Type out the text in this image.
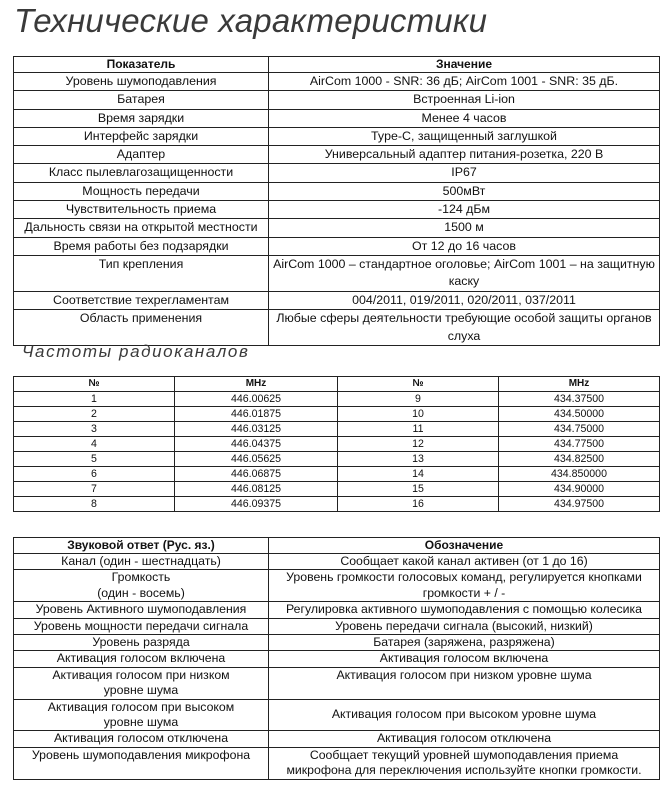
Технические характеристики
Показатель	Значение
Уровень шумоподавления	AirCom 1000 - SNR: 36 дБ; AirCom 1001 - SNR: 35 дБ.
Батарея	Встроенная Li-ion
Время зарядки	Менее 4 часов
Интерфейс зарядки	Type-C, защищенный заглушкой
Адаптер	Универсальный адаптер питания-розетка, 220 В
Класс пылевлагозащищенности	IP67
Мощность передачи	500мВт
Чувствительность приема	-124 дБм
Дальность связи на открытой местности	1500 м
Время работы без подзарядки	От 12 до 16 часов
Тип крепления	AirCom 1000 – стандартное оголовье; AirCom 1001 – на защитную каску
Соответствие техрегламентам	004/2011, 019/2011, 020/2011, 037/2011
Область применения	Любые сферы деятельности требующие особой защиты органов слуха
Частоты радиоканалов
№	MHz	№	MHz
1	446.00625	9	434.37500
2	446.01875	10	434.50000
3	446.03125	11	434.75000
4	446.04375	12	434.77500
5	446.05625	13	434.82500
6	446.06875	14	434.850000
7	446.08125	15	434.90000
8	446.09375	16	434.97500
Звуковой ответ (Рус. яз.)	Обозначение
Канал (один - шестнадцать)	Сообщает какой канал активен (от 1 до 16)
Громкость
(один - восемь)	Уровень громкости голосовых команд, регулируется кнопками громкости + / -
Уровень Активного шумоподавления	Регулировка активного шумоподавления с помощью колесика
Уровень мощности передачи сигнала	Уровень передачи сигнала (высокий, низкий)
Уровень разряда	Батарея (заряжена, разряжена)
Активация голосом включена	Активация голосом включена
Активация голосом при низком уровне шума	Активация голосом при низком уровне шума
Активация голосом при высоком уровне шума	Активация голосом при высоком уровне шума
Активация голосом отключена	Активация голосом отключена
Уровень шумоподавления микрофона	Сообщает текущий уровней шумоподавления приема микрофона для переключения используйте кнопки громкости.
